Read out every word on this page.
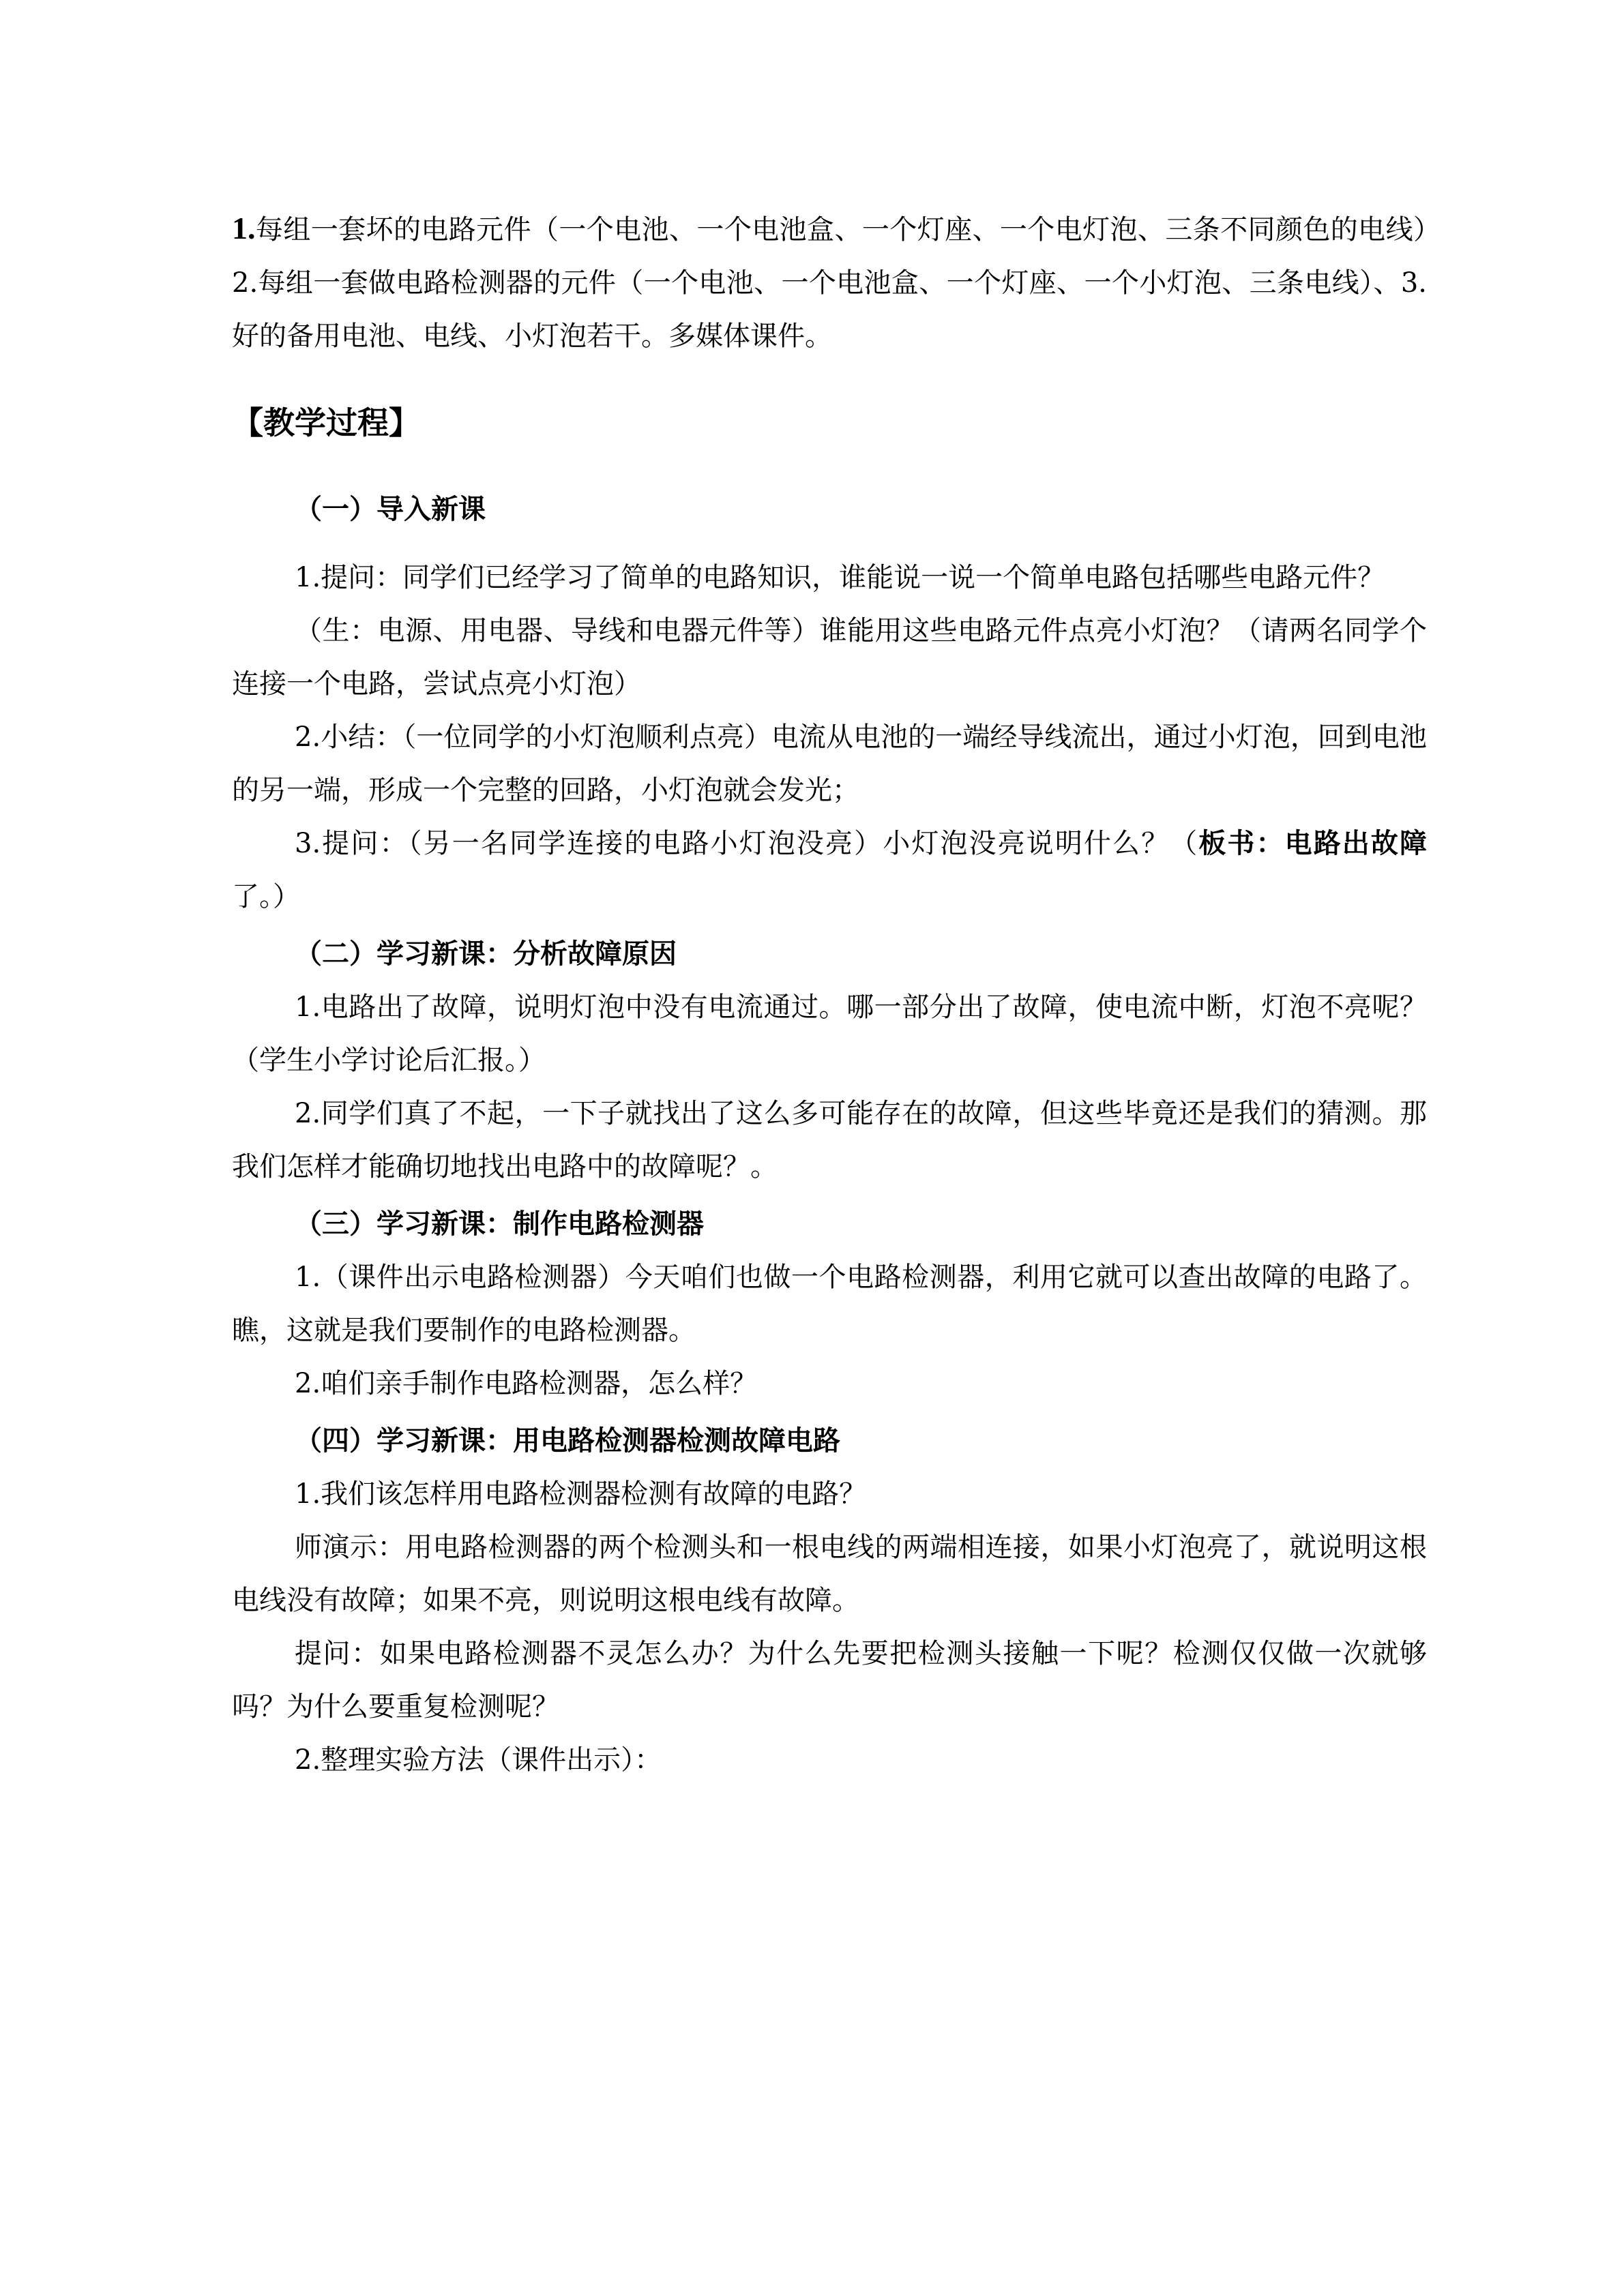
1.每组一套坏的电路元件（一个电池、一个电池盒、一个灯座、一个电灯泡、三条不同颜色的电线）2.每组一套做电路检测器的元件（一个电池、一个电池盒、一个灯座、一个小灯泡、三条电线）、3.好的备用电池、电线、小灯泡若干。多媒体课件。

【教学过程】

（一）导入新课

1.提问：同学们已经学习了简单的电路知识，谁能说一说一个简单电路包括哪些电路元件？

（生：电源、用电器、导线和电器元件等）谁能用这些电路元件点亮小灯泡？（请两名同学个连接一个电路，尝试点亮小灯泡）

2.小结：（一位同学的小灯泡顺利点亮）电流从电池的一端经导线流出，通过小灯泡，回到电池的另一端，形成一个完整的回路，小灯泡就会发光；

3.提问：（另一名同学连接的电路小灯泡没亮）小灯泡没亮说明什么？（板书：电路出故障了。）

（二）学习新课：分析故障原因

1.电路出了故障，说明灯泡中没有电流通过。哪一部分出了故障，使电流中断，灯泡不亮呢？（学生小学讨论后汇报。）

2.同学们真了不起，一下子就找出了这么多可能存在的故障，但这些毕竟还是我们的猜测。那我们怎样才能确切地找出电路中的故障呢？。

（三）学习新课：制作电路检测器

1.（课件出示电路检测器）今天咱们也做一个电路检测器，利用它就可以查出故障的电路了。瞧，这就是我们要制作的电路检测器。

2.咱们亲手制作电路检测器，怎么样？

（四）学习新课：用电路检测器检测故障电路

1.我们该怎样用电路检测器检测有故障的电路？

师演示：用电路检测器的两个检测头和一根电线的两端相连接，如果小灯泡亮了，就说明这根电线没有故障；如果不亮，则说明这根电线有故障。

提问：如果电路检测器不灵怎么办？为什么先要把检测头接触一下呢？检测仅仅做一次就够吗？为什么要重复检测呢？

2.整理实验方法（课件出示）：
